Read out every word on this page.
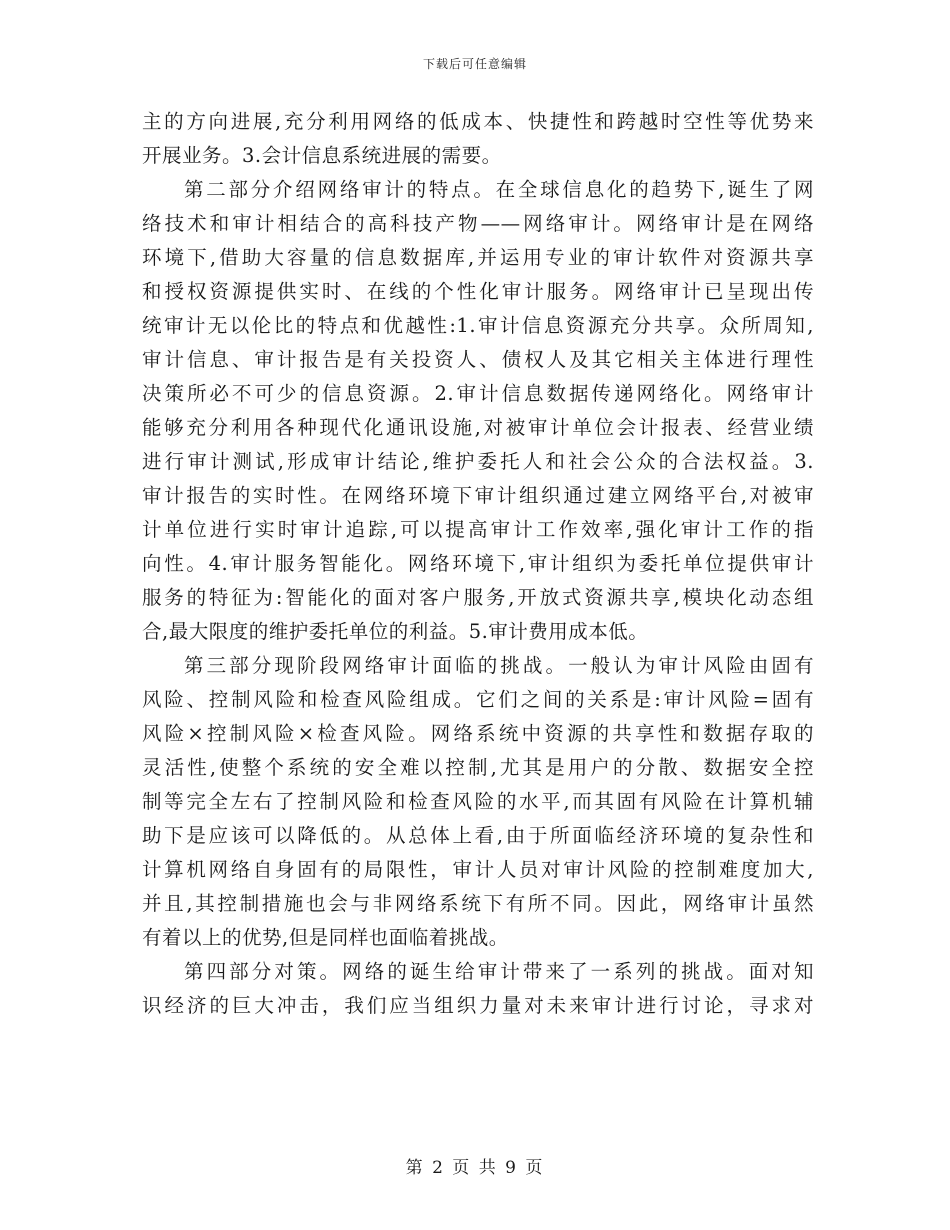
下载后可任意编辑
主的方向进展,充分利用网络的低成本、快捷性和跨越时空性等优势来
开展业务。3.会计信息系统进展的需要。
第二部分介绍网络审计的特点。在全球信息化的趋势下,诞生了网
络技术和审计相结合的高科技产物——网络审计。网络审计是在网络
环境下,借助大容量的信息数据库,并运用专业的审计软件对资源共享
和授权资源提供实时、在线的个性化审计服务。网络审计已呈现出传
统审计无以伦比的特点和优越性:1.审计信息资源充分共享。众所周知,
审计信息、审计报告是有关投资人、债权人及其它相关主体进行理性
决策所必不可少的信息资源。2.审计信息数据传递网络化。网络审计
能够充分利用各种现代化通讯设施,对被审计单位会计报表、经营业绩
进行审计测试,形成审计结论,维护委托人和社会公众的合法权益。3.
审计报告的实时性。在网络环境下审计组织通过建立网络平台,对被审
计单位进行实时审计追踪,可以提高审计工作效率,强化审计工作的指
向性。4.审计服务智能化。网络环境下,审计组织为委托单位提供审计
服务的特征为:智能化的面对客户服务,开放式资源共享,模块化动态组
合,最大限度的维护委托单位的利益。5.审计费用成本低。
第三部分现阶段网络审计面临的挑战。一般认为审计风险由固有
风险、控制风险和检查风险组成。它们之间的关系是:审计风险=固有
风险×控制风险×检查风险。网络系统中资源的共享性和数据存取的
灵活性,使整个系统的安全难以控制,尤其是用户的分散、数据安全控
制等完全左右了控制风险和检查风险的水平,而其固有风险在计算机辅
助下是应该可以降低的。从总体上看,由于所面临经济环境的复杂性和
计算机网络自身固有的局限性，审计人员对审计风险的控制难度加大,
并且,其控制措施也会与非网络系统下有所不同。因此，网络审计虽然
有着以上的优势,但是同样也面临着挑战。
第四部分对策。网络的诞生给审计带来了一系列的挑战。面对知
识经济的巨大冲击，我们应当组织力量对未来审计进行讨论，寻求对
第 2 页 共 9 页
